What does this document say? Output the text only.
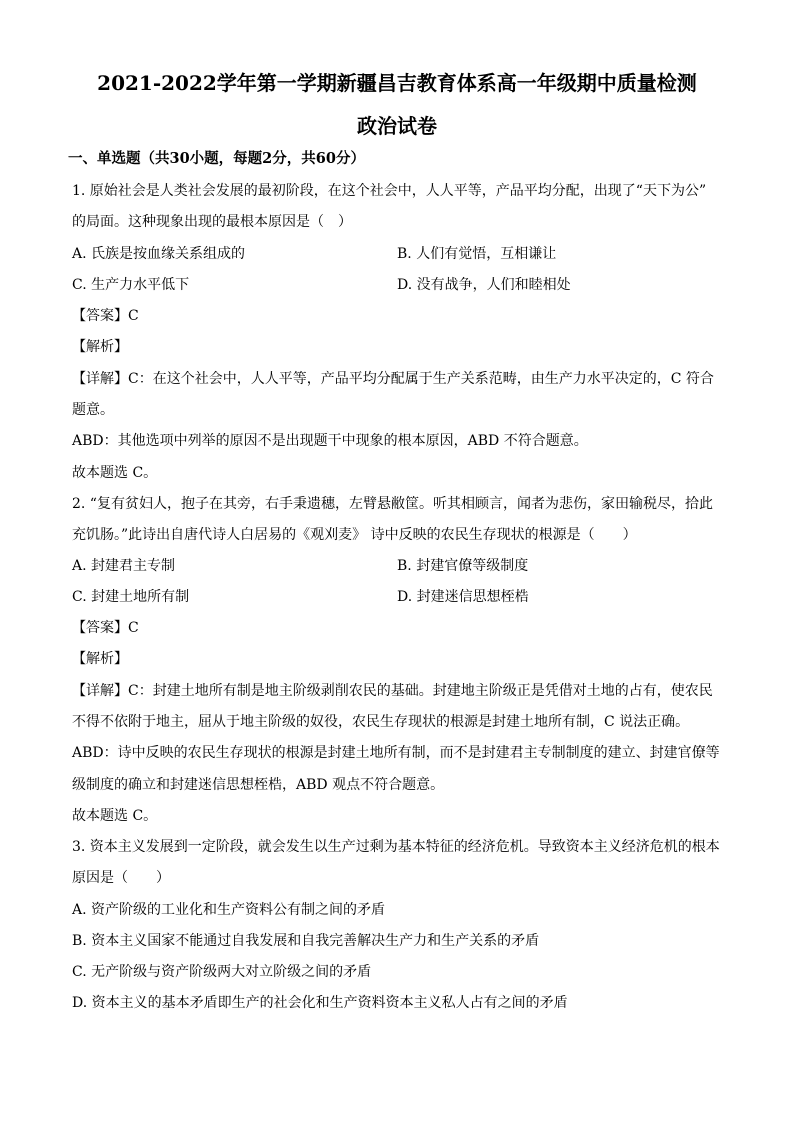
2021-2022学年第一学期新疆昌吉教育体系高一年级期中质量检测
政治试卷
一、单选题（共30小题，每题2分，共60分）
1. 原始社会是人类社会发展的最初阶段，在这个社会中，人人平等，产品平均分配，出现了“天下为公”
的局面。这种现象出现的最根本原因是（　）
A. 氏族是按血缘关系组成的	B. 人们有觉悟，互相谦让
C. 生产力水平低下	D. 没有战争，人们和睦相处
【答案】C
【解析】
【详解】C：在这个社会中，人人平等，产品平均分配属于生产关系范畴，由生产力水平决定的，C 符合
题意。
ABD：其他选项中列举的原因不是出现题干中现象的根本原因，ABD 不符合题意。
故本题选 C。
2. “复有贫妇人，抱子在其旁，右手秉遗穗，左臂悬敝筐。听其相顾言，闻者为悲伤，家田输税尽，拾此
充饥肠。”此诗出自唐代诗人白居易的《观刈麦》 诗中反映的农民生存现状的根源是（　　）
A. 封建君主专制	B. 封建官僚等级制度
C. 封建土地所有制	D. 封建迷信思想桎梏
【答案】C
【解析】
【详解】C：封建土地所有制是地主阶级剥削农民的基础。封建地主阶级正是凭借对土地的占有，使农民
不得不依附于地主，屈从于地主阶级的奴役，农民生存现状的根源是封建土地所有制，C 说法正确。
ABD：诗中反映的农民生存现状的根源是封建土地所有制，而不是封建君主专制制度的建立、封建官僚等
级制度的确立和封建迷信思想桎梏，ABD 观点不符合题意。
故本题选 C。
3. 资本主义发展到一定阶段，就会发生以生产过剩为基本特征的经济危机。导致资本主义经济危机的根本
原因是（　　）
A. 资产阶级的工业化和生产资料公有制之间的矛盾
B. 资本主义国家不能通过自我发展和自我完善解决生产力和生产关系的矛盾
C. 无产阶级与资产阶级两大对立阶级之间的矛盾
D. 资本主义的基本矛盾即生产的社会化和生产资料资本主义私人占有之间的矛盾
